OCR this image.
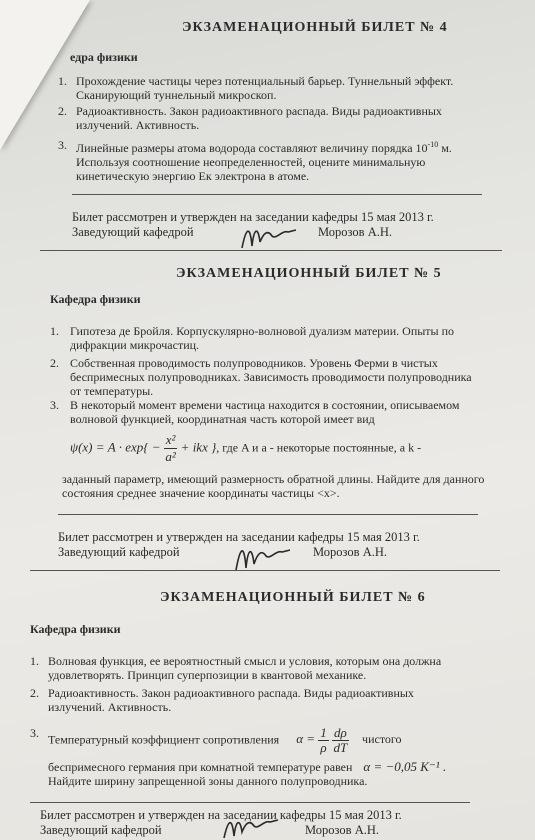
ЭКЗАМЕНАЦИОННЫЙ БИЛЕТ № 4
едра физики
1. Прохождение частицы через потенциальный барьер. Туннельный эффект.
Сканирующий туннельный микроскоп.
2. Радиоактивность. Закон радиоактивного распада. Виды радиоактивных
излучений. Активность.
3. Линейные размеры атома водорода составляют величину порядка $10^{-10}$ м.
Используя соотношение неопределенностей, оцените минимальную
кинетическую энергию Eк электрона в атоме.
Билет рассмотрен и утвержден на заседании кафедры 15 мая 2013 г.
Заведующий кафедрой	Морозов А.Н.
ЭКЗАМЕНАЦИОННЫЙ БИЛЕТ № 5
Кафедра физики
1. Гипотеза де Бройля. Корпускулярно-волновой дуализм материи. Опыты по
дифракции микрочастиц.
2. Собственная проводимость полупроводников. Уровень Ферми в чистых
беспримесных полупроводниках. Зависимость проводимости полупроводника
от температуры.
3. В некоторый момент времени частица находится в состоянии, описываемом
волновой функцией, координатная часть которой имеет вид
$\psi(x) = A \cdot \exp\{ - \frac{\text{x²}}{\text{a²}}$ + ikx }, где A и a - некоторые постоянные, а k -
заданный параметр, имеющий размерность обратной длины. Найдите для данного
состояния среднее значение координаты частицы <x>.
Билет рассмотрен и утвержден на заседании кафедры 15 мая 2013 г.
Заведующий кафедрой	Морозов А.Н.
ЭКЗАМЕНАЦИОННЫЙ БИЛЕТ № 6
Кафедра физики
1. Волновая функция, ее вероятностный смысл и условия, которым она должна
удовлетворять. Принцип суперпозиции в квантовой механике.
2. Радиоактивность. Закон радиоактивного распада. Виды радиоактивных
излучений. Активность.
3. Температурный коэффициент сопротивления $\alpha = \frac{1}{\rho}$
$\frac{d\rho}{dT}$ чистого
беспримесного германия при комнатной температуре равен α = −0,05 K⁻¹ .
Найдите ширину запрещенной зоны данного полупроводника.
Билет рассмотрен и утвержден на заседании кафедры 15 мая 2013 г.
Заведующий кафедрой	Морозов А.Н.
